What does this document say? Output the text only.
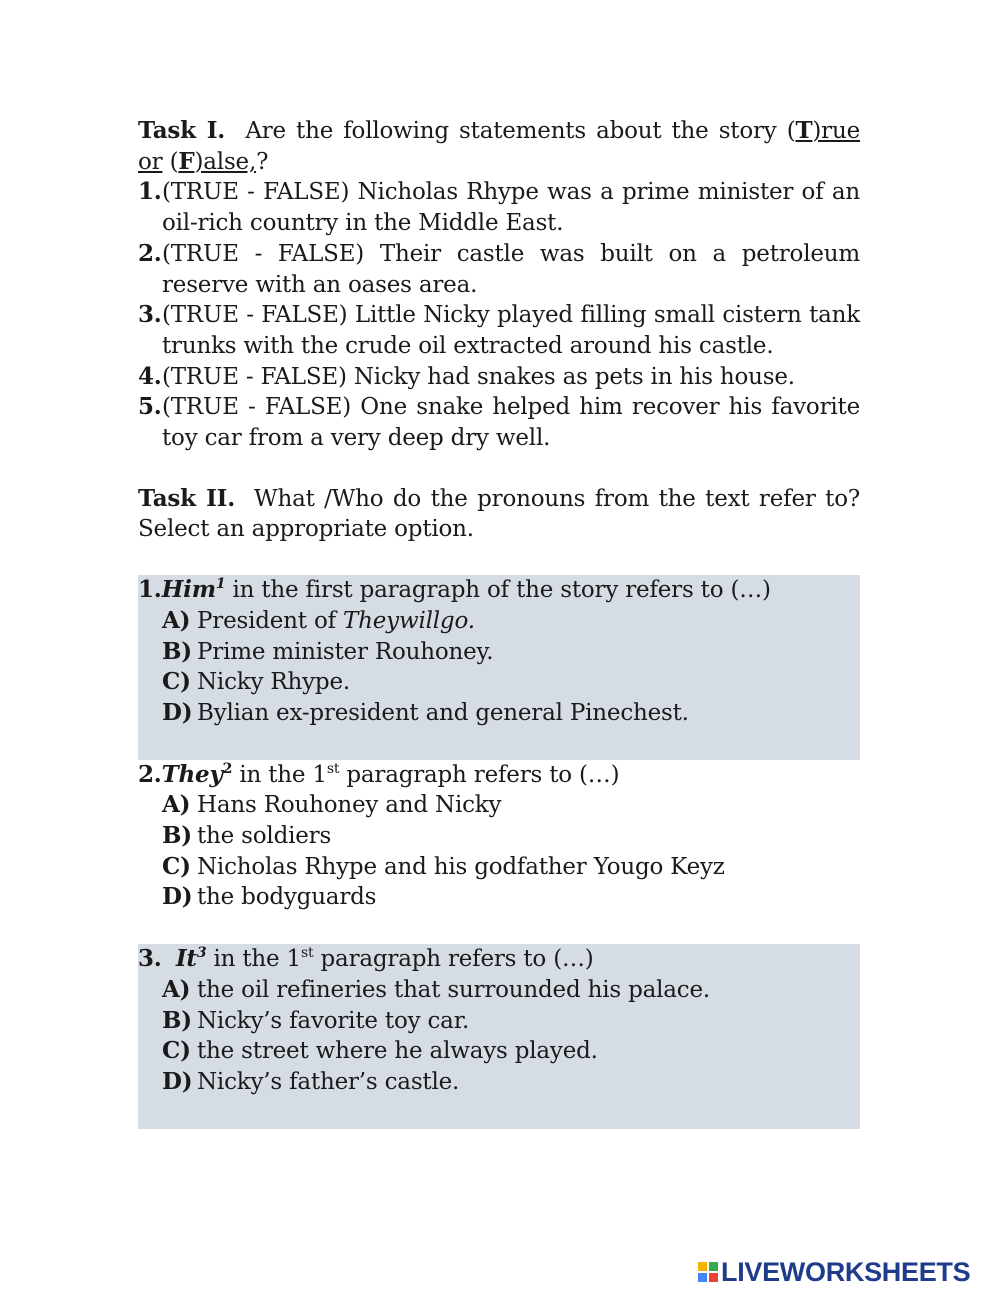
Task I. Are the following statements about the story (T)rue or (F)alse,?

1. (TRUE - FALSE) Nicholas Rhype was a prime minister of an oil-rich country in the Middle East.
2. (TRUE - FALSE) Their castle was built on a petroleum reserve with an oases area.
3. (TRUE - FALSE) Little Nicky played filling small cistern tank trunks with the crude oil extracted around his castle.
4. (TRUE - FALSE) Nicky had snakes as pets in his house.
5. (TRUE - FALSE) One snake helped him recover his favorite toy car from a very deep dry well.

Task II. What /Who do the pronouns from the text refer to? Select an appropriate option.

1.Him$^1$ in the first paragraph of the story refers to (…)
A) President of Theywillgo.
B) Prime minister Rouhoney.
C) Nicky Rhype.
D) Bylian ex-president and general Pinechest.
2.They$^2$ in the 1st paragraph refers to (…)
A) Hans Rouhoney and Nicky
B) the soldiers
C) Nicholas Rhype and his godfather Yougo Keyz
D) the bodyguards
3. It$^3$ in the 1st paragraph refers to (…)
A) the oil refineries that surrounded his palace.
B) Nicky’s favorite toy car.
C) the street where he always played.
D) Nicky’s father’s castle.
LIVEWORKSHEETS
